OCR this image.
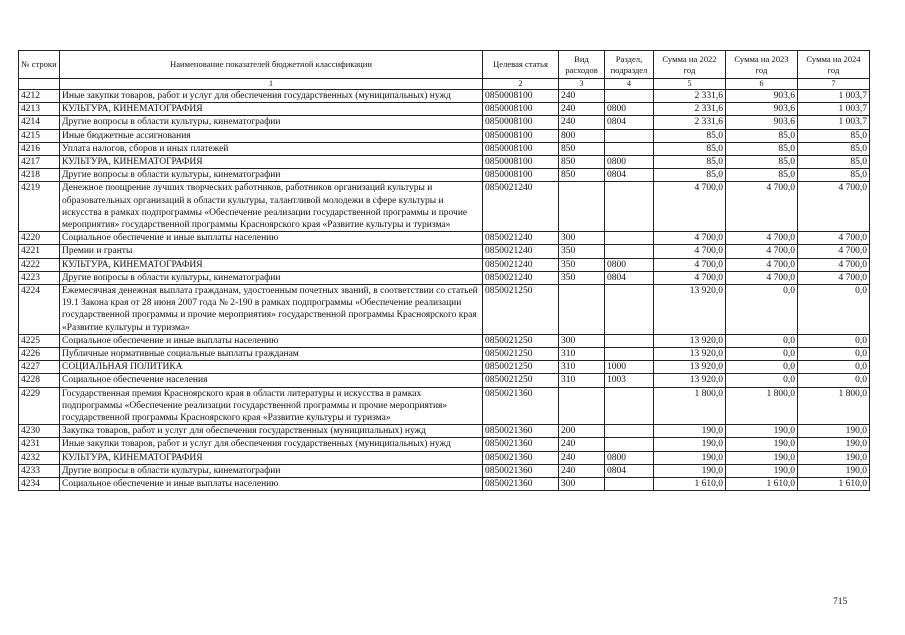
№ строки	Наименование показателей бюджетной классификации	Целевая статья	Вид расходов	Раздел, подраздел	Сумма на 2022 год	Сумма на 2023 год	Сумма на 2024 год
	1	2	3	4	5	6	7
4212	Иные закупки товаров, работ и услуг для обеспечения государственных (муниципальных) нужд	0850008100	240		2 331,6	903,6	1 003,7
4213	КУЛЬТУРА, КИНЕМАТОГРАФИЯ	0850008100	240	0800	2 331,6	903,6	1 003,7
4214	Другие вопросы в области культуры, кинематографии	0850008100	240	0804	2 331,6	903,6	1 003,7
4215	Иные бюджетные ассигнования	0850008100	800		85,0	85,0	85,0
4216	Уплата налогов, сборов и иных платежей	0850008100	850		85,0	85,0	85,0
4217	КУЛЬТУРА, КИНЕМАТОГРАФИЯ	0850008100	850	0800	85,0	85,0	85,0
4218	Другие вопросы в области культуры, кинематографии	0850008100	850	0804	85,0	85,0	85,0
4219	Денежное поощрение лучших творческих работников, работников организаций культуры и образовательных организаций в области культуры, талантливой молодежи в сфере культуры и искусства в рамках подпрограммы «Обеспечение реализации государственной программы и прочие мероприятия» государственной программы Красноярского края «Развитие культуры и туризма»	0850021240			4 700,0	4 700,0	4 700,0
4220	Социальное обеспечение и иные выплаты населению	0850021240	300		4 700,0	4 700,0	4 700,0
4221	Премии и гранты	0850021240	350		4 700,0	4 700,0	4 700,0
4222	КУЛЬТУРА, КИНЕМАТОГРАФИЯ	0850021240	350	0800	4 700,0	4 700,0	4 700,0
4223	Другие вопросы в области культуры, кинематографии	0850021240	350	0804	4 700,0	4 700,0	4 700,0
4224	Ежемесячная денежная выплата гражданам, удостоенным почетных званий, в соответствии со статьей 19.1 Закона края от 28 июня 2007 года № 2-190 в рамках подпрограммы «Обеспечение реализации государственной программы и прочие мероприятия» государственной программы Красноярского края «Развитие культуры и туризма»	0850021250			13 920,0	0,0	0,0
4225	Социальное обеспечение и иные выплаты населению	0850021250	300		13 920,0	0,0	0,0
4226	Публичные нормативные социальные выплаты гражданам	0850021250	310		13 920,0	0,0	0,0
4227	СОЦИАЛЬНАЯ ПОЛИТИКА	0850021250	310	1000	13 920,0	0,0	0,0
4228	Социальное обеспечение населения	0850021250	310	1003	13 920,0	0,0	0,0
4229	Государственная премия Красноярского края в области литературы и искусства в рамках подпрограммы «Обеспечение реализации государственной программы и прочие мероприятия» государственной программы Красноярского края «Развитие культуры и туризма»	0850021360			1 800,0	1 800,0	1 800,0
4230	Закупка товаров, работ и услуг для обеспечения государственных (муниципальных) нужд	0850021360	200		190,0	190,0	190,0
4231	Иные закупки товаров, работ и услуг для обеспечения государственных (муниципальных) нужд	0850021360	240		190,0	190,0	190,0
4232	КУЛЬТУРА, КИНЕМАТОГРАФИЯ	0850021360	240	0800	190,0	190,0	190,0
4233	Другие вопросы в области культуры, кинематографии	0850021360	240	0804	190,0	190,0	190,0
4234	Социальное обеспечение и иные выплаты населению	0850021360	300		1 610,0	1 610,0	1 610,0
715
